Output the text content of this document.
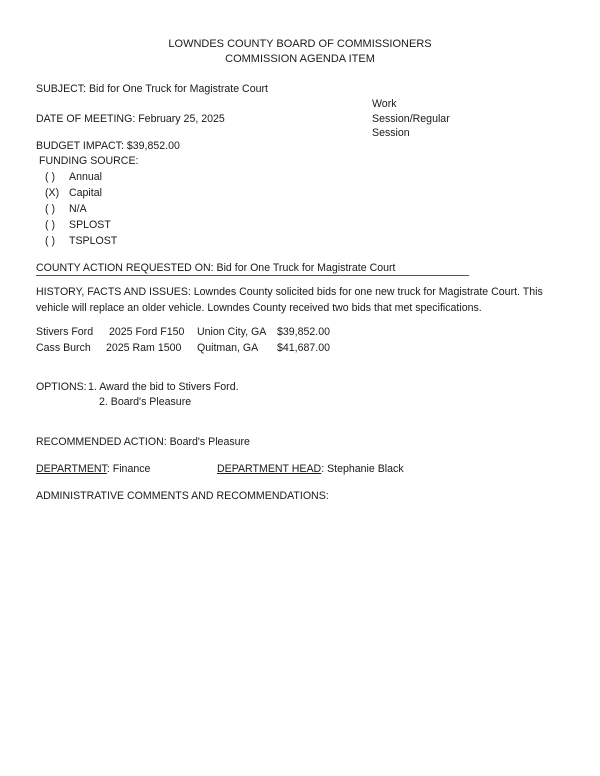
LOWNDES COUNTY BOARD OF COMMISSIONERS
COMMISSION AGENDA ITEM
SUBJECT: Bid for One Truck for Magistrate Court
DATE OF MEETING: February 25, 2025
Work
Session/Regular
Session
BUDGET IMPACT: $39,852.00
FUNDING SOURCE:
( ) Annual
(X) Capital
( ) N/A
( ) SPLOST
( ) TSPLOST
COUNTY ACTION REQUESTED ON: Bid for One Truck for Magistrate Court
HISTORY, FACTS AND ISSUES: Lowndes County solicited bids for one new truck for Magistrate Court. This vehicle will replace an older vehicle. Lowndes County received two bids that met specifications.
Stivers Ford 2025 Ford F150 Union City, GA $39,852.00
Cass Burch 2025 Ram 1500 Quitman, GA $41,687.00
OPTIONS: 1. Award the bid to Stivers Ford.
2. Board's Pleasure
RECOMMENDED ACTION: Board's Pleasure
DEPARTMENT: Finance	DEPARTMENT HEAD: Stephanie Black
ADMINISTRATIVE COMMENTS AND RECOMMENDATIONS:
